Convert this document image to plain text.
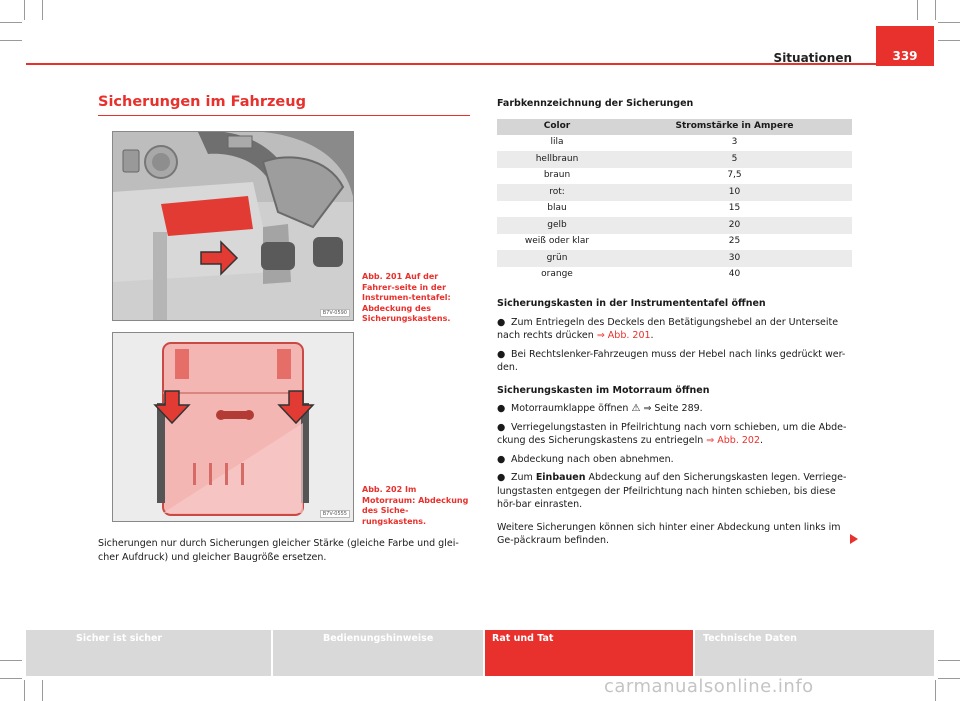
Situationen	339
Sicherungen im Fahrzeug
B7V-0590
Abb. 201 Auf der Fahrer-seite in der Instrumen-tentafel: Abdeckung des Sicherungskastens.
B7V-0555
Abb. 202 Im Motorraum: Abdeckung des Siche-rungskastens.
Sicherungen nur durch Sicherungen gleicher Stärke (gleiche Farbe und glei-cher Aufdruck) und gleicher Baugröße ersetzen.
Farbkennzeichnung der Sicherungen
Color	Stromstärke in Ampere
lila	3
hellbraun	5
braun	7,5
rot:	10
blau	15
gelb	20
weiß oder klar	25
grün	30
orange	40
Sicherungskasten in der Instrumententafel öffnen
● Zum Entriegeln des Deckels den Betätigungshebel an der Unterseite nach rechts drücken ⇒ Abb. 201.
● Bei Rechtslenker-Fahrzeugen muss der Hebel nach links gedrückt wer-den.
Sicherungskasten im Motorraum öffnen
● Motorraumklappe öffnen ⚠ ⇒ Seite 289.
● Verriegelungstasten in Pfeilrichtung nach vorn schieben, um die Abde-ckung des Sicherungskastens zu entriegeln ⇒ Abb. 202.
● Abdeckung nach oben abnehmen.
● Zum Einbauen Abdeckung auf den Sicherungskasten legen. Verriege-lungstasten entgegen der Pfeilrichtung nach hinten schieben, bis diese hör-bar einrasten.
Weitere Sicherungen können sich hinter einer Abdeckung unten links im Ge-päckraum befinden.
Sicher ist sicher	Bedienungshinweise	Rat und Tat	Technische Daten
carmanualsonline.info
